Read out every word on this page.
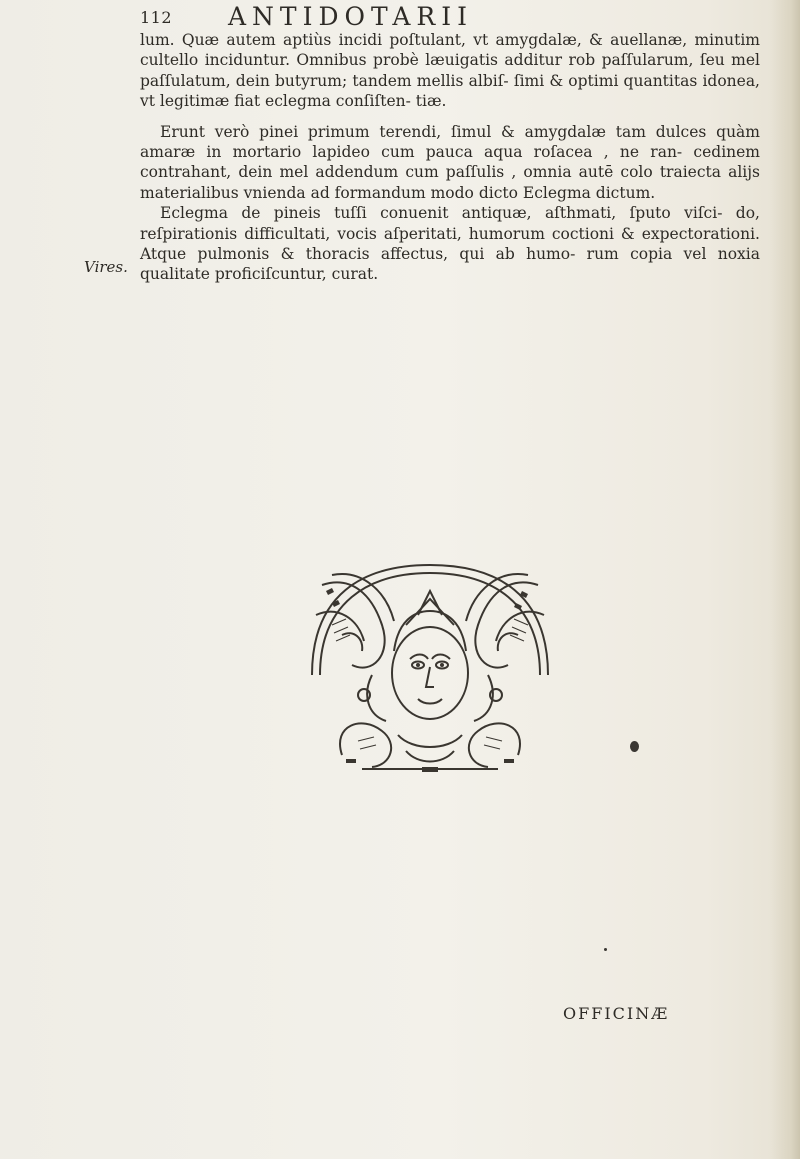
112 ANTIDOTARII
Vires.

lum. Quæ autem aptiùs incidi poſtulant, vt amygdalæ, & auellanæ, minutim cultello inciduntur. Omnibus probè læuigatis additur rob paſſularum, ſeu mel paſſulatum, dein butyrum; tandem mellis albiſ- ſimi & optimi quantitas idonea, vt legitimæ fiat eclegma conſiſten- tiæ.

Erunt verò pinei primum terendi, ſimul & amygdalæ tam dulces quàm amaræ in mortario lapideo cum pauca aqua roſacea , ne ran- cedinem contrahant, dein mel addendum cum paſſulis , omnia autē colo traiecta alijs materialibus vnienda ad formandum modo dicto Eclegma dictum.

Eclegma de pineis tuſſi conuenit antiquæ, aſthmati, ſputo viſci- do, reſpirationis difficultati, vocis aſperitati, humorum coctioni & expectorationi. Atque pulmonis & thoracis affectus, qui ab humo- rum copia vel noxia qualitate proficiſcuntur, curat.

OFFICINÆ
